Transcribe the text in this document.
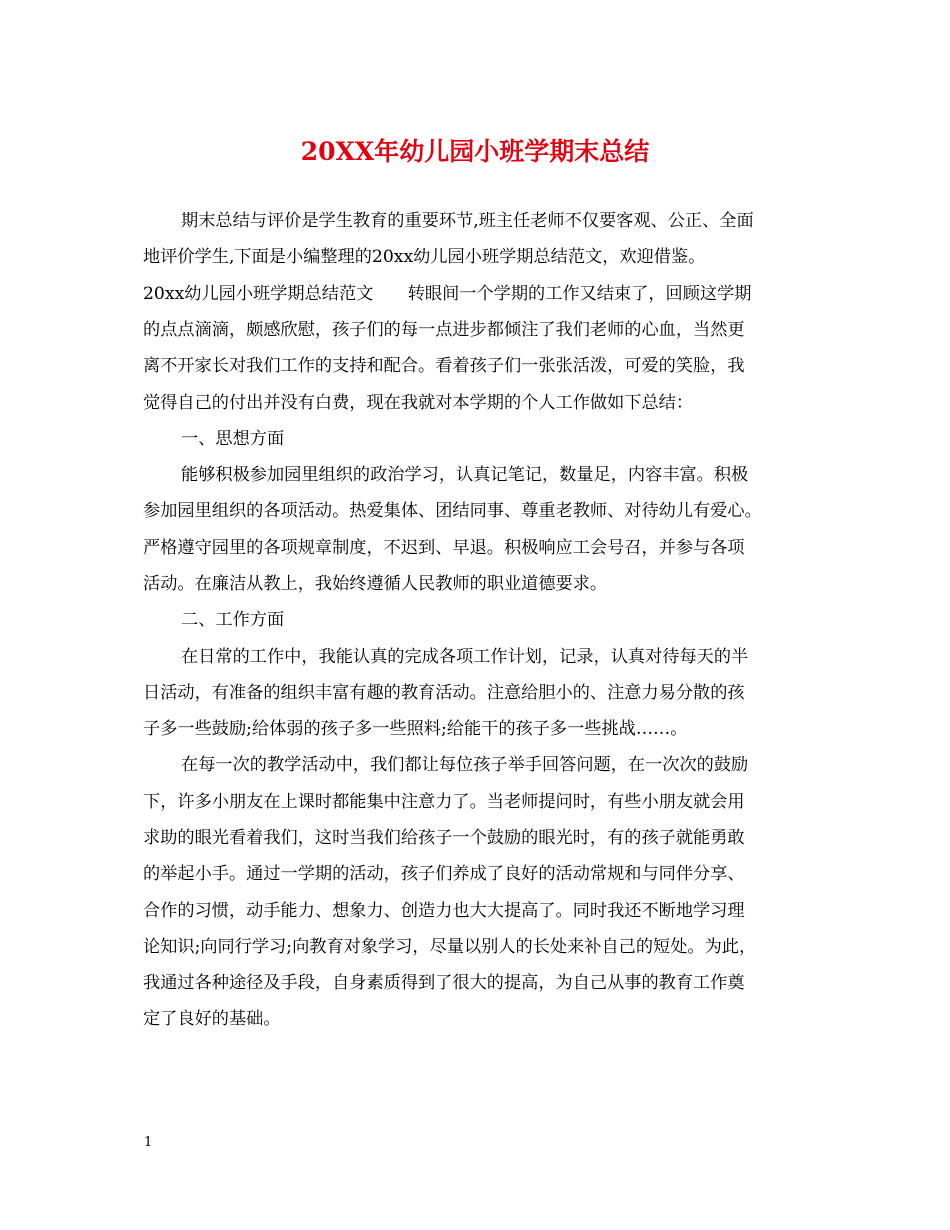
20XX年幼儿园小班学期末总结
期末总结与评价是学生教育的重要环节,班主任老师不仅要客观、公正、全面
地评价学生,下面是小编整理的20xx幼儿园小班学期总结范文，欢迎借鉴。
20xx幼儿园小班学期总结范文　　转眼间一个学期的工作又结束了，回顾这学期
的点点滴滴，颇感欣慰，孩子们的每一点进步都倾注了我们老师的心血，当然更
离不开家长对我们工作的支持和配合。看着孩子们一张张活泼，可爱的笑脸，我
觉得自己的付出并没有白费，现在我就对本学期的个人工作做如下总结：
一、思想方面
能够积极参加园里组织的政治学习，认真记笔记，数量足，内容丰富。积极
参加园里组织的各项活动。热爱集体、团结同事、尊重老教师、对待幼儿有爱心。
严格遵守园里的各项规章制度，不迟到、早退。积极响应工会号召，并参与各项
活动。在廉洁从教上，我始终遵循人民教师的职业道德要求。
二、工作方面
在日常的工作中，我能认真的完成各项工作计划，记录，认真对待每天的半
日活动，有准备的组织丰富有趣的教育活动。注意给胆小的、注意力易分散的孩
子多一些鼓励;给体弱的孩子多一些照料;给能干的孩子多一些挑战……。
在每一次的教学活动中，我们都让每位孩子举手回答问题，在一次次的鼓励
下，许多小朋友在上课时都能集中注意力了。当老师提问时，有些小朋友就会用
求助的眼光看着我们，这时当我们给孩子一个鼓励的眼光时，有的孩子就能勇敢
的举起小手。通过一学期的活动，孩子们养成了良好的活动常规和与同伴分享、
合作的习惯，动手能力、想象力、创造力也大大提高了。同时我还不断地学习理
论知识;向同行学习;向教育对象学习，尽量以别人的长处来补自己的短处。为此，
我通过各种途径及手段，自身素质得到了很大的提高，为自己从事的教育工作奠
定了良好的基础。
1
